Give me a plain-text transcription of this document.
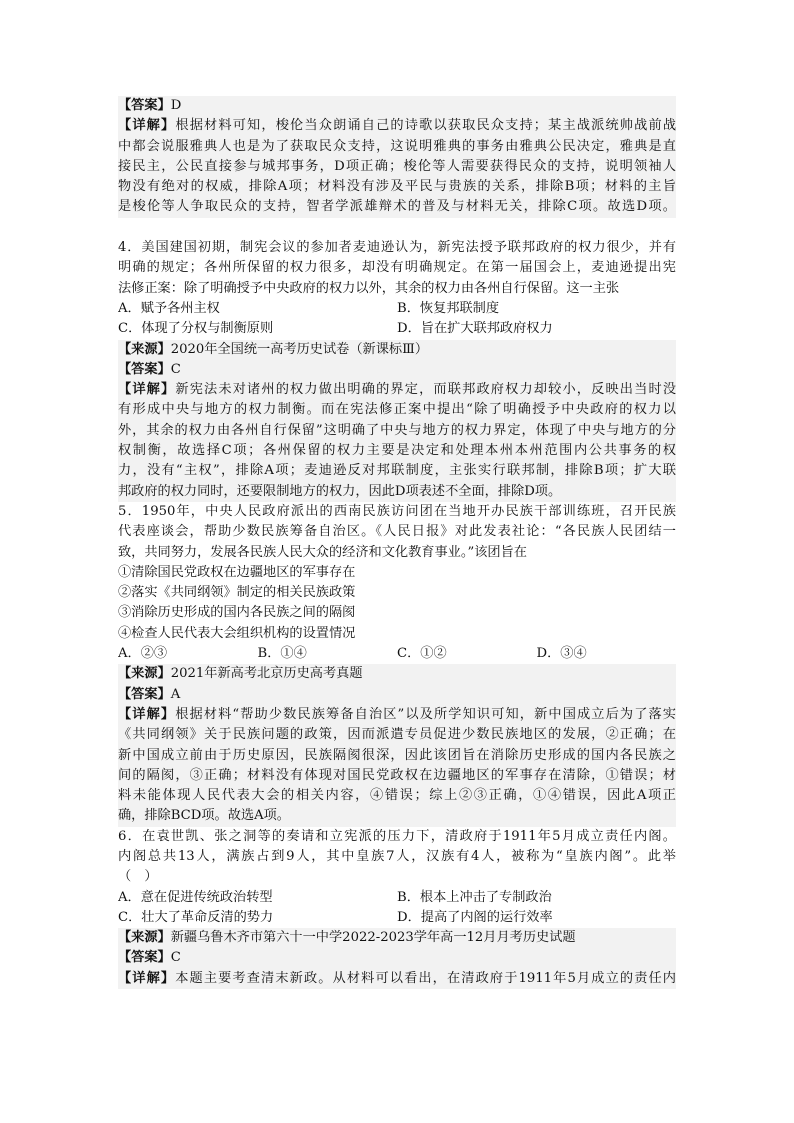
【答案】D
【详解】根据材料可知，梭伦当众朗诵自己的诗歌以获取民众支持；某主战派统帅战前战
中都会说服雅典人也是为了获取民众支持，这说明雅典的事务由雅典公民决定，雅典是直
接民主，公民直接参与城邦事务，D项正确；梭伦等人需要获得民众的支持，说明领袖人
物没有绝对的权威，排除A项；材料没有涉及平民与贵族的关系，排除B项；材料的主旨
是梭伦等人争取民众的支持，智者学派雄辩术的普及与材料无关，排除C项。故选D项。
4．美国建国初期，制宪会议的参加者麦迪逊认为，新宪法授予联邦政府的权力很少，并有
明确的规定；各州所保留的权力很多，却没有明确规定。在第一届国会上，麦迪逊提出宪
法修正案：除了明确授予中央政府的权力以外，其余的权力由各州自行保留。这一主张
A．赋予各州主权	B．恢复邦联制度
C．体现了分权与制衡原则	D．旨在扩大联邦政府权力
【来源】2020年全国统一高考历史试卷（新课标Ⅲ）
【答案】C
【详解】新宪法未对诸州的权力做出明确的界定，而联邦政府权力却较小，反映出当时没
有形成中央与地方的权力制衡。而在宪法修正案中提出“除了明确授予中央政府的权力以
外，其余的权力由各州自行保留”这明确了中央与地方的权力界定，体现了中央与地方的分
权制衡，故选择C项；各州保留的权力主要是决定和处理本州本州范围内公共事务的权
力，没有“主权”，排除A项；麦迪逊反对邦联制度，主张实行联邦制，排除B项；扩大联
邦政府的权力同时，还要限制地方的权力，因此D项表述不全面，排除D项。
5．1950年，中央人民政府派出的西南民族访问团在当地开办民族干部训练班，召开民族
代表座谈会，帮助少数民族筹备自治区。《人民日报》对此发表社论：“各民族人民团结一
致，共同努力，发展各民族人民大众的经济和文化教育事业。”该团旨在
①清除国民党政权在边疆地区的军事存在
②落实《共同纲领》制定的相关民族政策
③消除历史形成的国内各民族之间的隔阂
④检查人民代表大会组织机构的设置情况
A．②③	B．①④	C．①②	D．③④
【来源】2021年新高考北京历史高考真题
【答案】A
【详解】根据材料“帮助少数民族筹备自治区”以及所学知识可知，新中国成立后为了落实
《共同纲领》关于民族问题的政策，因而派遣专员促进少数民族地区的发展，②正确；在
新中国成立前由于历史原因，民族隔阂很深，因此该团旨在消除历史形成的国内各民族之
间的隔阂，③正确；材料没有体现对国民党政权在边疆地区的军事存在清除，①错误；材
料未能体现人民代表大会的相关内容，④错误；综上②③正确，①④错误，因此A项正
确，排除BCD项。故选A项。
6．在袁世凯、张之洞等的奏请和立宪派的压力下，清政府于1911年5月成立责任内阁。
内阁总共13人，满族占到9人，其中皇族7人，汉族有4人，被称为“皇族内阁”。此举
（　）
A．意在促进传统政治转型	B．根本上冲击了专制政治
C．壮大了革命反清的势力	D．提高了内阁的运行效率
【来源】新疆乌鲁木齐市第六十一中学2022-2023学年高一12月月考历史试题
【答案】C
【详解】本题主要考查清末新政。从材料可以看出，在清政府于1911年5月成立的责任内
